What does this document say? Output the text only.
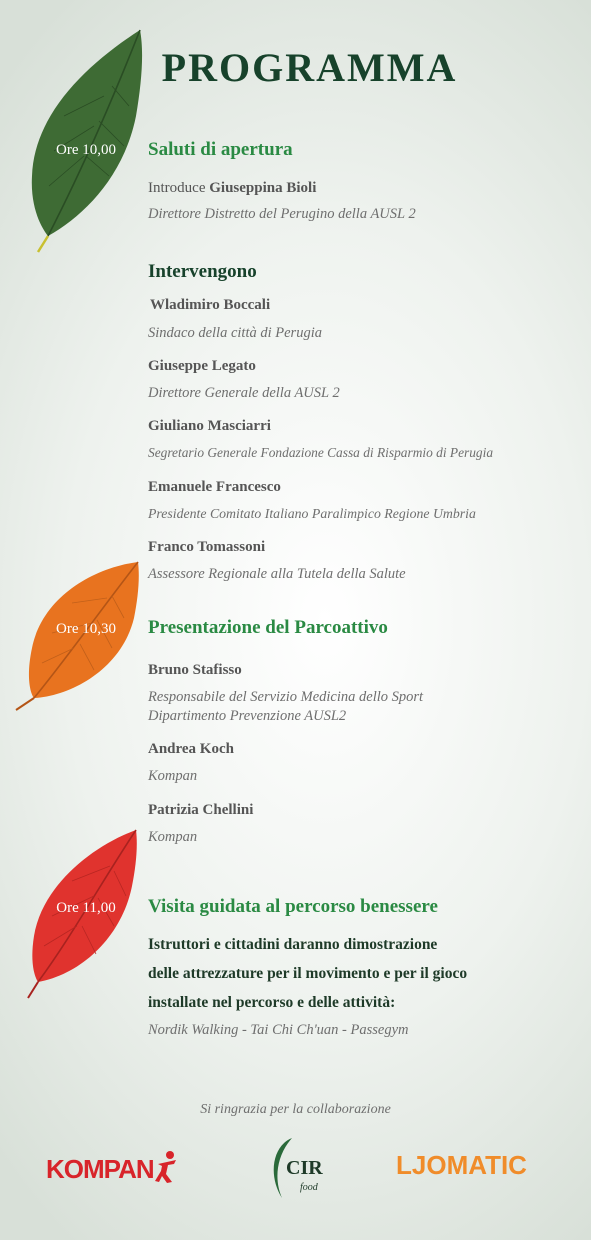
PROGRAMMA
Ore 10,00	Saluti di apertura
Introduce Giuseppina Bioli
Direttore Distretto del Perugino della AUSL 2
Intervengono
Wladimiro Boccali
Sindaco della città di Perugia
Giuseppe Legato
Direttore Generale della AUSL 2
Giuliano Masciarri
Segretario Generale Fondazione Cassa di Risparmio di Perugia
Emanuele Francesco
Presidente Comitato Italiano Paralimpico Regione Umbria
Franco Tomassoni
Assessore Regionale alla Tutela della Salute
Ore 10,30	Presentazione del Parcoattivo
Bruno Stafisso
Responsabile del Servizio Medicina dello Sport
Dipartimento Prevenzione AUSL2
Andrea Koch
Kompan
Patrizia Chellini
Kompan
Ore 11,00	Visita guidata al percorso benessere
Istruttori e cittadini daranno dimostrazione
delle attrezzature per il movimento e per il gioco
installate nel percorso e delle attività:
Nordik Walking - Tai Chi Ch'uan - Passegym
Si ringrazia per la collaborazione
KOMPAN	CIR
food
LJOMATIC
